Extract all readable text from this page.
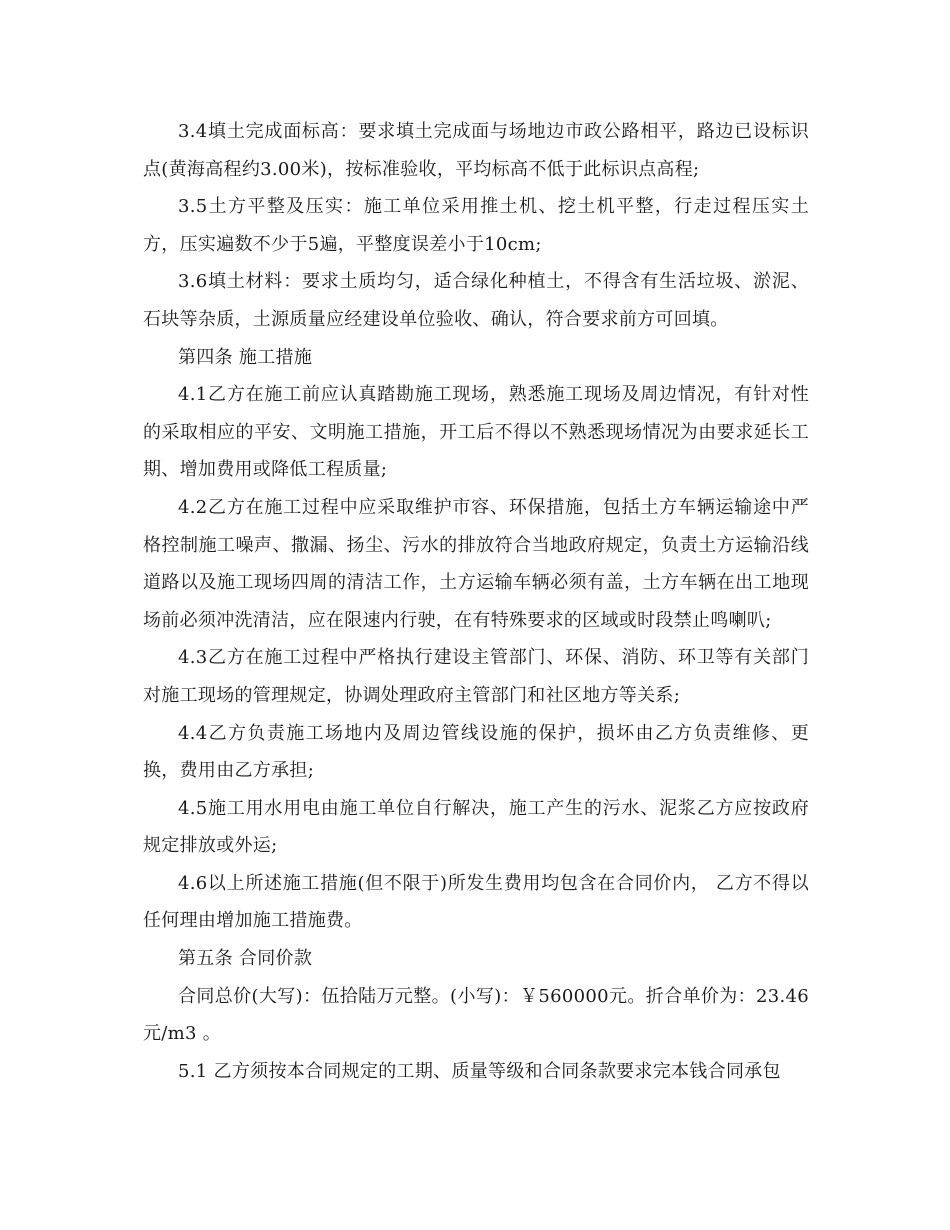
3.4填土完成面标高：要求填土完成面与场地边市政公路相平，路边已设标识点(黄海高程约3.00米)，按标准验收，平均标高不低于此标识点高程;

3.5土方平整及压实：施工单位采用推土机、挖土机平整，行走过程压实土方，压实遍数不少于5遍，平整度误差小于10cm;

3.6填土材料：要求土质均匀，适合绿化种植土，不得含有生活垃圾、淤泥、石块等杂质，土源质量应经建设单位验收、确认，符合要求前方可回填。

第四条 施工措施

4.1乙方在施工前应认真踏勘施工现场，熟悉施工现场及周边情况，有针对性的采取相应的平安、文明施工措施，开工后不得以不熟悉现场情况为由要求延长工期、增加费用或降低工程质量;

4.2乙方在施工过程中应采取维护市容、环保措施，包括土方车辆运输途中严格控制施工噪声、撒漏、扬尘、污水的排放符合当地政府规定，负责土方运输沿线道路以及施工现场四周的清洁工作，土方运输车辆必须有盖，土方车辆在出工地现场前必须冲洗清洁，应在限速内行驶，在有特殊要求的区域或时段禁止鸣喇叭;

4.3乙方在施工过程中严格执行建设主管部门、环保、消防、环卫等有关部门对施工现场的管理规定，协调处理政府主管部门和社区地方等关系;

4.4乙方负责施工场地内及周边管线设施的保护，损坏由乙方负责维修、更换，费用由乙方承担;

4.5施工用水用电由施工单位自行解决，施工产生的污水、泥浆乙方应按政府规定排放或外运;

4.6以上所述施工措施(但不限于)所发生费用均包含在合同价内， 乙方不得以任何理由增加施工措施费。

第五条 合同价款

合同总价(大写)：伍拾陆万元整。(小写)：￥560000元。折合单价为：23.46元/m3 。

5.1 乙方须按本合同规定的工期、质量等级和合同条款要求完本钱合同承包
